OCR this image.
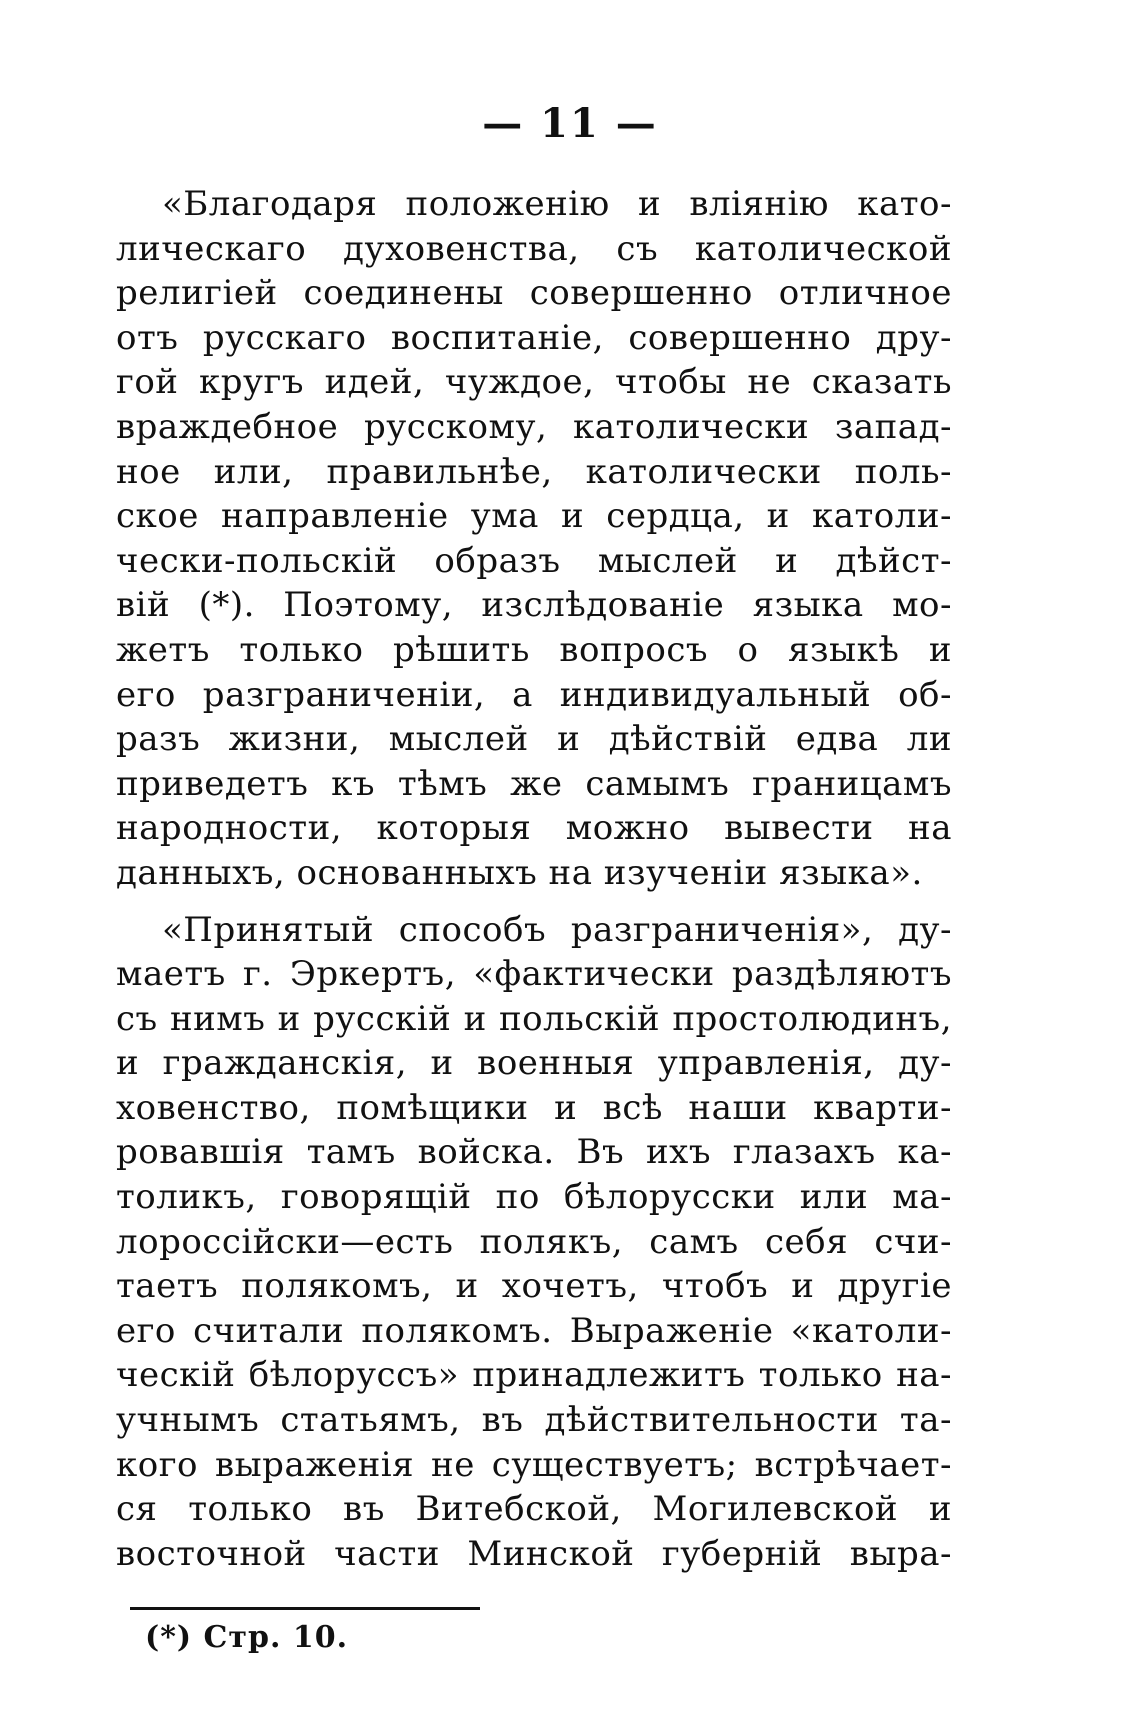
— 11 —
«Благодаря положенію и вліянію като-
лическаго духовенства, съ католической
религіей соединены совершенно отличное
отъ русскаго воспитаніе, совершенно дру-
гой кругъ идей, чуждое, чтобы не сказать
враждебное русскому, католически запад-
ное или, правильнѣе, католически поль-
ское направленіе ума и сердца, и католи-
чески-польскій образъ мыслей и дѣйст-
вій (*). Поэтому, изслѣдованіе языка мо-
жетъ только рѣшить вопросъ о языкѣ и
его разграниченіи, а индивидуальный об-
разъ жизни, мыслей и дѣйствій едва ли
приведетъ къ тѣмъ же самымъ границамъ
народности, которыя можно вывести на
данныхъ, основанныхъ на изученіи языка».
«Принятый способъ разграниченія», ду-
маетъ г. Эркертъ, «фактически раздѣляютъ
съ нимъ и русскій и польскій простолюдинъ,
и гражданскія, и военныя управленія, ду-
ховенство, помѣщики и всѣ наши кварти-
ровавшія тамъ войска. Въ ихъ глазахъ ка-
толикъ, говорящій по бѣлорусски или ма-
лороссійски—есть полякъ, самъ себя счи-
таетъ полякомъ, и хочетъ, чтобъ и другіе
его считали полякомъ. Выраженіе «католи-
ческій бѣлоруссъ» принадлежитъ только на-
учнымъ статьямъ, въ дѣйствительности та-
кого выраженія не существуетъ; встрѣчает-
ся только въ Витебской, Могилевской и
восточной части Минской губерній выра-
(*) Стр. 10.
